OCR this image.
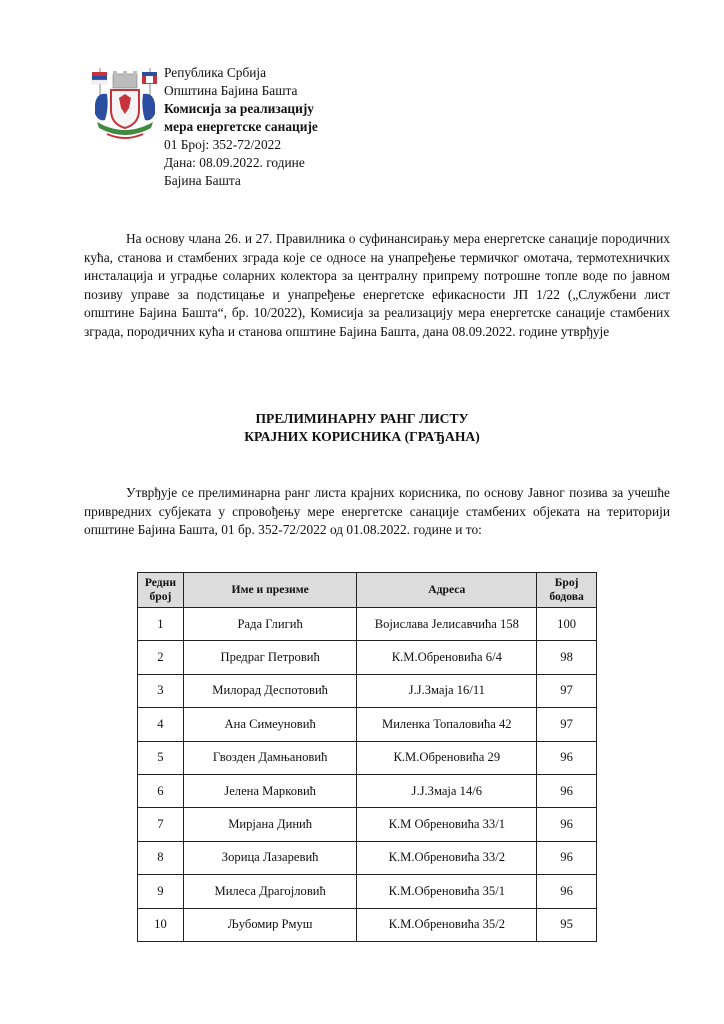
Република Србија
Општина Бајина Башта
Комисија за реализацију
мера енергетске санације
01 Број: 352-72/2022
Дана: 08.09.2022. године
Бајина Башта

На основу члана 26. и 27. Правилника о суфинансирању мера енергетске санације породичних кућа, станова и стамбених зграда које се односе на унапређење термичког омотача, термотехничких инсталација и уградње соларних колектора за централну припрему потрошне топле воде по јавном позиву управе за подстицање и унапређење енергетске ефикасности ЈП 1/22 („Службени лист општине Бајина Башта“, бр. 10/2022), Комисија за реализацију мера енергетске санације стамбених зграда, породичних кућа и станова општине Бајина Башта, дана 08.09.2022. године утврђује

ПРЕЛИМИНАРНУ РАНГ ЛИСТУ
КРАЈНИХ КОРИСНИКА (ГРАЂАНА)

Утврђује се прелиминарна ранг листа крајних корисника, по основу Јавног позива за учешће привредних субјеката у спровођењу мере енергетске санације стамбених објеката на територији општине Бајина Башта, 01 бр. 352-72/2022 од 01.08.2022. године и то:

Редни број	Име и презиме	Адреса	Број бодова
1	Рада Глигић	Војислава Јелисавчића 158	100
2	Предраг Петровић	К.М.Обреновића 6/4	98
3	Милорад Деспотовић	Ј.Ј.Змаја 16/11	97
4	Ана Симеуновић	Миленка Топаловића 42	97
5	Гвозден Дамњановић	К.М.Обреновића 29	96
6	Јелена Марковић	Ј.Ј.Змаја 14/6	96
7	Мирјана Динић	К.М Обреновића 33/1	96
8	Зорица Лазаревић	К.М.Обреновића 33/2	96
9	Милеса Драгојловић	К.М.Обреновића 35/1	96
10	Љубомир Рмуш	К.М.Обреновића 35/2	95
